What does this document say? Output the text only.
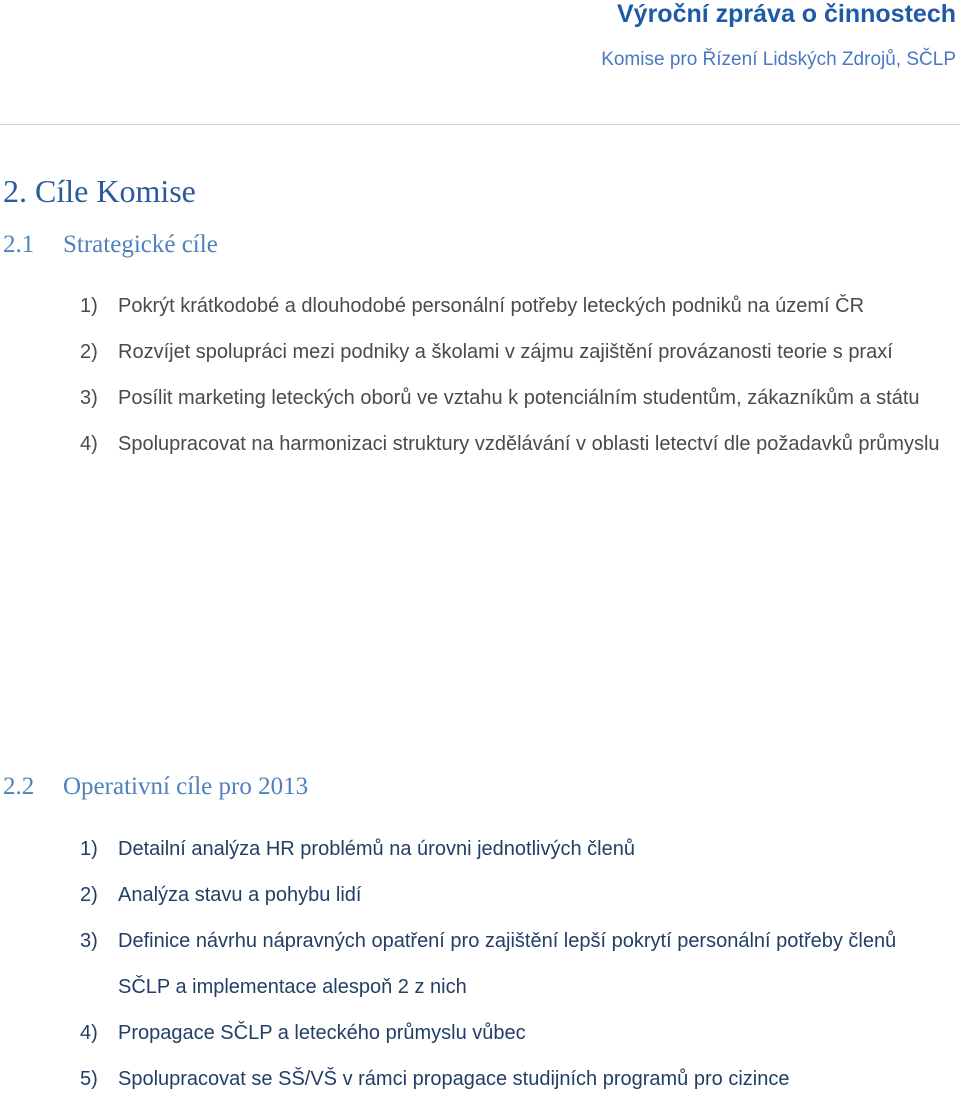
Výroční zpráva o činnostech
Komise pro Řízení Lidských Zdrojů, SČLP
2. Cíle Komise
2.1 Strategické cíle
1) Pokrýt krátkodobé a dlouhodobé personální potřeby leteckých podniků na území ČR
2) Rozvíjet spolupráci mezi podniky a školami v zájmu zajištění provázanosti teorie s praxí
3) Posílit marketing leteckých oborů ve vztahu k potenciálním studentům, zákazníkům a státu
4) Spolupracovat na harmonizaci struktury vzdělávání v oblasti letectví dle požadavků průmyslu
2.2 Operativní cíle pro 2013
1) Detailní analýza HR problémů na úrovni jednotlivých členů
2) Analýza stavu a pohybu lidí
3) Definice návrhu nápravných opatření pro zajištění lepší pokrytí personální potřeby členů SČLP a implementace alespoň 2 z nich
4) Propagace SČLP a leteckého průmyslu vůbec
5) Spolupracovat se SŠ/VŠ v rámci propagace studijních programů pro cizince
